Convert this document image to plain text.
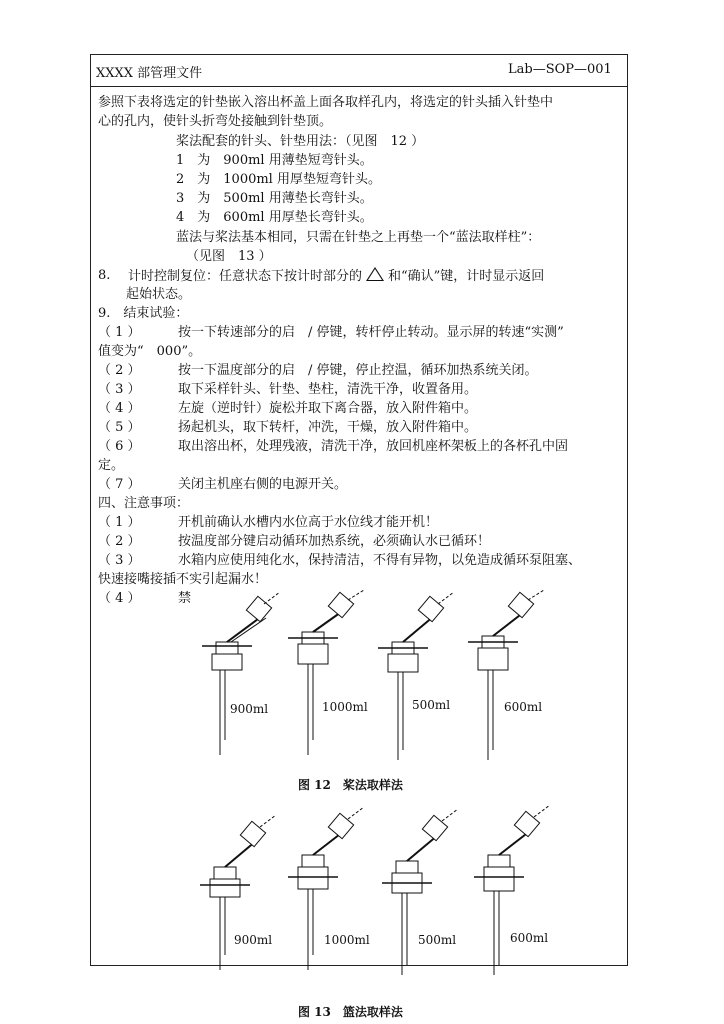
XXXX 部管理文件	Lab—SOP—001
参照下表将选定的针垫嵌入溶出杯盖上面各取样孔内，将选定的针头插入针垫中
心的孔内，使针头折弯处接触到针垫顶。
桨法配套的针头、针垫用法：（见图　12 ）
1　为　900ml 用薄垫短弯针头。
2　为　1000ml 用厚垫短弯针头。
3　为　500ml 用薄垫长弯针头。
4　为　600ml 用厚垫长弯针头。
蓝法与桨法基本相同，只需在针垫之上再垫一个“蓝法取样柱”：
（见图　13 ）
8. 计时控制复位：任意状态下按计时部分的 和“确认”键，计时显示返回
起始状态。
9.　结束试验：
（ 1 ）	按一下转速部分的启　/ 停键，转杆停止转动。显示屏的转速“实测”
值变为“　000”。
（ 2 ）	按一下温度部分的启　/ 停键，停止控温，循环加热系统关闭。
（ 3 ）	取下采样针头、针垫、垫柱，清洗干净，收置备用。
（ 4 ）	左旋（逆时针）旋松并取下离合器，放入附件箱中。
（ 5 ）	扬起机头，取下转杆，冲洗，干燥，放入附件箱中。
（ 6 ）	取出溶出杯，处理残液，清洗干净，放回机座杯架板上的各杯孔中固
定。
（ 7 ）	关闭主机座右侧的电源开关。
四、注意事项：
（ 1 ）	开机前确认水槽内水位高于水位线才能开机！
（ 2 ）	按温度部分键启动循环加热系统，必须确认水已循环！
（ 3 ）	水箱内应使用纯化水，保持清洁，不得有异物，以免造成循环泵阻塞、
快速接嘴接插不实引起漏水！
（ 4 ）	禁
900ml	1000ml	500ml	600ml
图 12　桨法取样法
900ml	1000ml	500ml	600ml
图 13　篮法取样法
